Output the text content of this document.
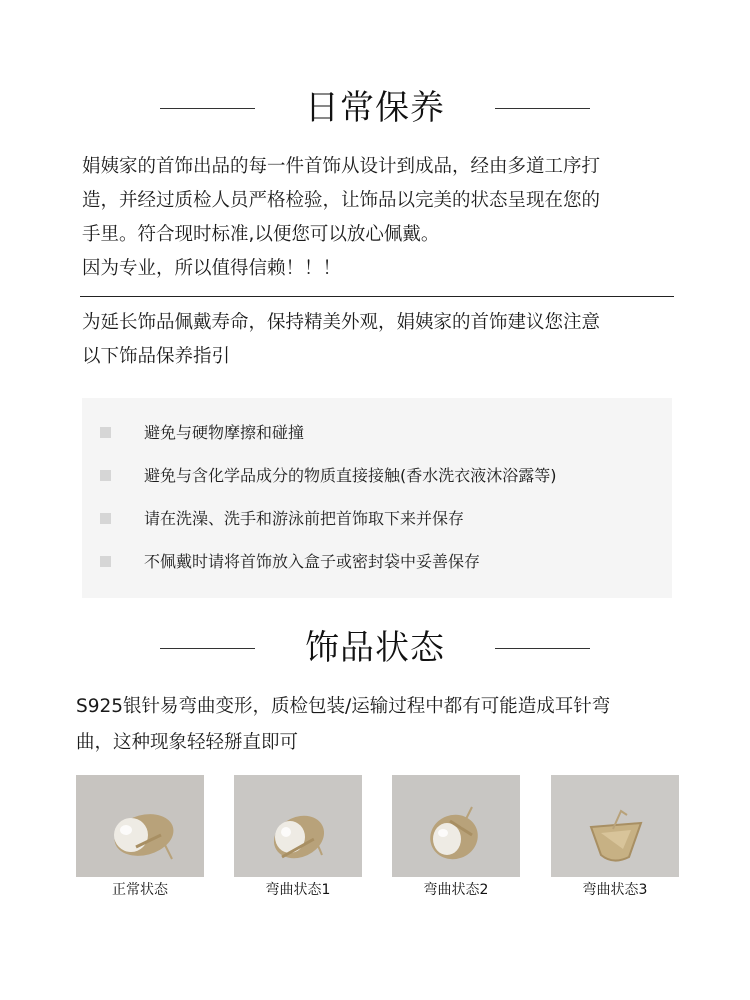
日常保养
娟姨家的首饰出品的每一件首饰从设计到成品，经由多道工序打
造，并经过质检人员严格检验，让饰品以完美的状态呈现在您的
手里。符合现时标准,以便您可以放心佩戴。
因为专业，所以值得信赖！！！
为延长饰品佩戴寿命，保持精美外观，娟姨家的首饰建议您注意
以下饰品保养指引
避免与硬物摩擦和碰撞
避免与含化学品成分的物质直接接触(香水洗衣液沐浴露等)
请在洗澡、洗手和游泳前把首饰取下来并保存
不佩戴时请将首饰放入盒子或密封袋中妥善保存
饰品状态
S925银针易弯曲变形，质检包装/运输过程中都有可能造成耳针弯
曲，这种现象轻轻掰直即可
正常状态	弯曲状态1	弯曲状态2	弯曲状态3
